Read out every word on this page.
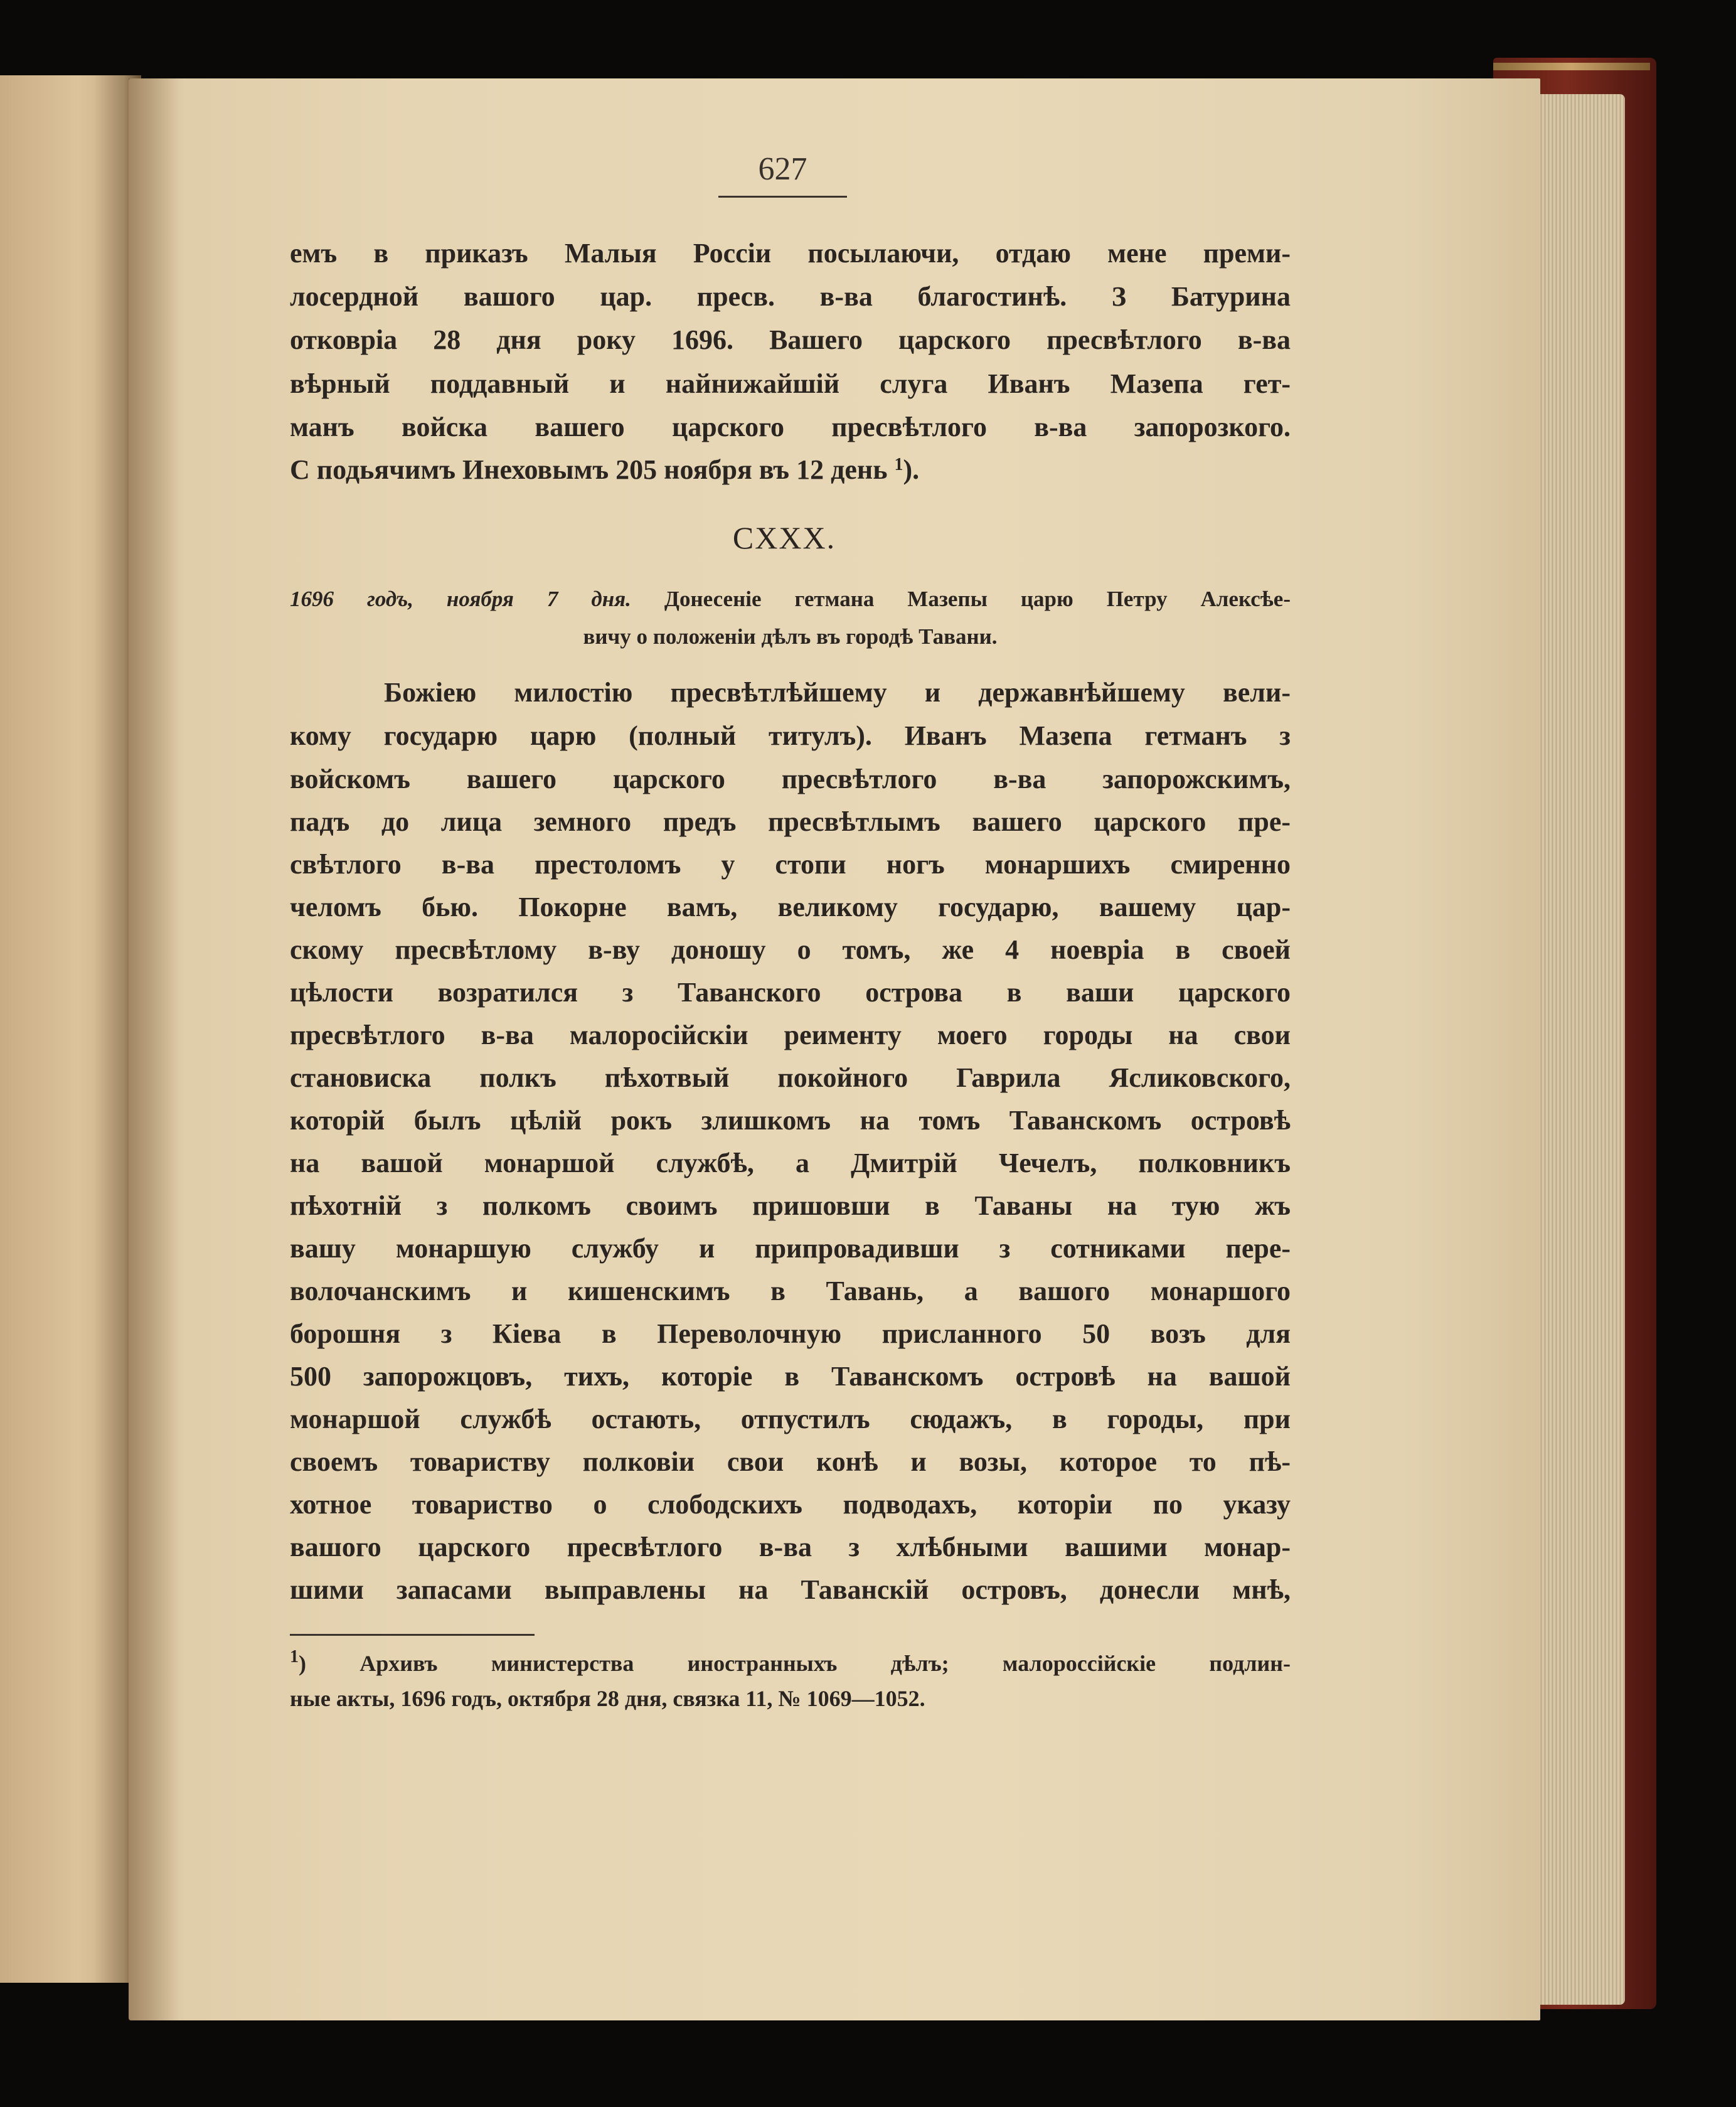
627
емъ в приказъ Малыя Россіи посылаючи, отдаю мене преми-
лосердной вашого цар. пресв. в-ва благостинѣ. З Батурина
отковріа 28 дня року 1696. Вашего царского пресвѣтлого в-ва
вѣрный поддавный и найнижайшій слуга Иванъ Мазепа гет-
манъ войска вашего царского пресвѣтлого в-ва запорозкого.
С подьячимъ Инеховымъ 205 ноября въ 12 день $^1$).
CXXX.
1696 годъ, ноября 7 дня. Донесеніе гетмана Мазепы царю Петру Алексѣе-
вичу о положеніи дѣлъ въ городѣ Тавани.
Божіею милостію пресвѣтлѣйшему и державнѣйшему вели-
кому государю царю (полный титулъ). Иванъ Мазепа гетманъ з
войскомъ вашего царского пресвѣтлого в-ва запорожскимъ,
падъ до лица земного предъ пресвѣтлымъ вашего царского пре-
свѣтлого в-ва престоломъ у стопи ногъ монаршихъ смиренно
челомъ бью. Покорне вамъ, великому государю, вашему цар-
скому пресвѣтлому в-ву доношу о томъ, же 4 ноевріа в своей
цѣлости возратился з Таванского острова в ваши царского
пресвѣтлого в-ва малоросійскіи реименту моего городы на свои
становиска полкъ пѣхотвый покойного Гаврила Ясликовского,
которій былъ цѣлій рокъ злишкомъ на томъ Таванскомъ островѣ
на вашой монаршой службѣ, а Дмитрій Чечелъ, полковникъ
пѣхотній з полкомъ своимъ пришовши в Таваны на тую жъ
вашу монаршую службу и припровадивши з сотниками пере-
волочанскимъ и кишенскимъ в Тавань, а вашого монаршого
борошня з Кіева в Переволочную присланного 50 возъ для
500 запорожцовъ, тихъ, которіе в Таванскомъ островѣ на вашой
монаршой службѣ остають, отпустилъ сюдажъ, в городы, при
своемъ товариству полковіи свои конѣ и возы, которое то пѣ-
хотное товариство о слободскихъ подводахъ, которіи по указу
вашого царского пресвѣтлого в-ва з хлѣбными вашими монар-
шими запасами выправлены на Таванскій островъ, донесли мнѣ,
$^1$) Архивъ министерства иностранныхъ дѣлъ; малороссійскіе подлин-
ные акты, 1696 годъ, октября 28 дня, связка 11, № 1069—1052.
